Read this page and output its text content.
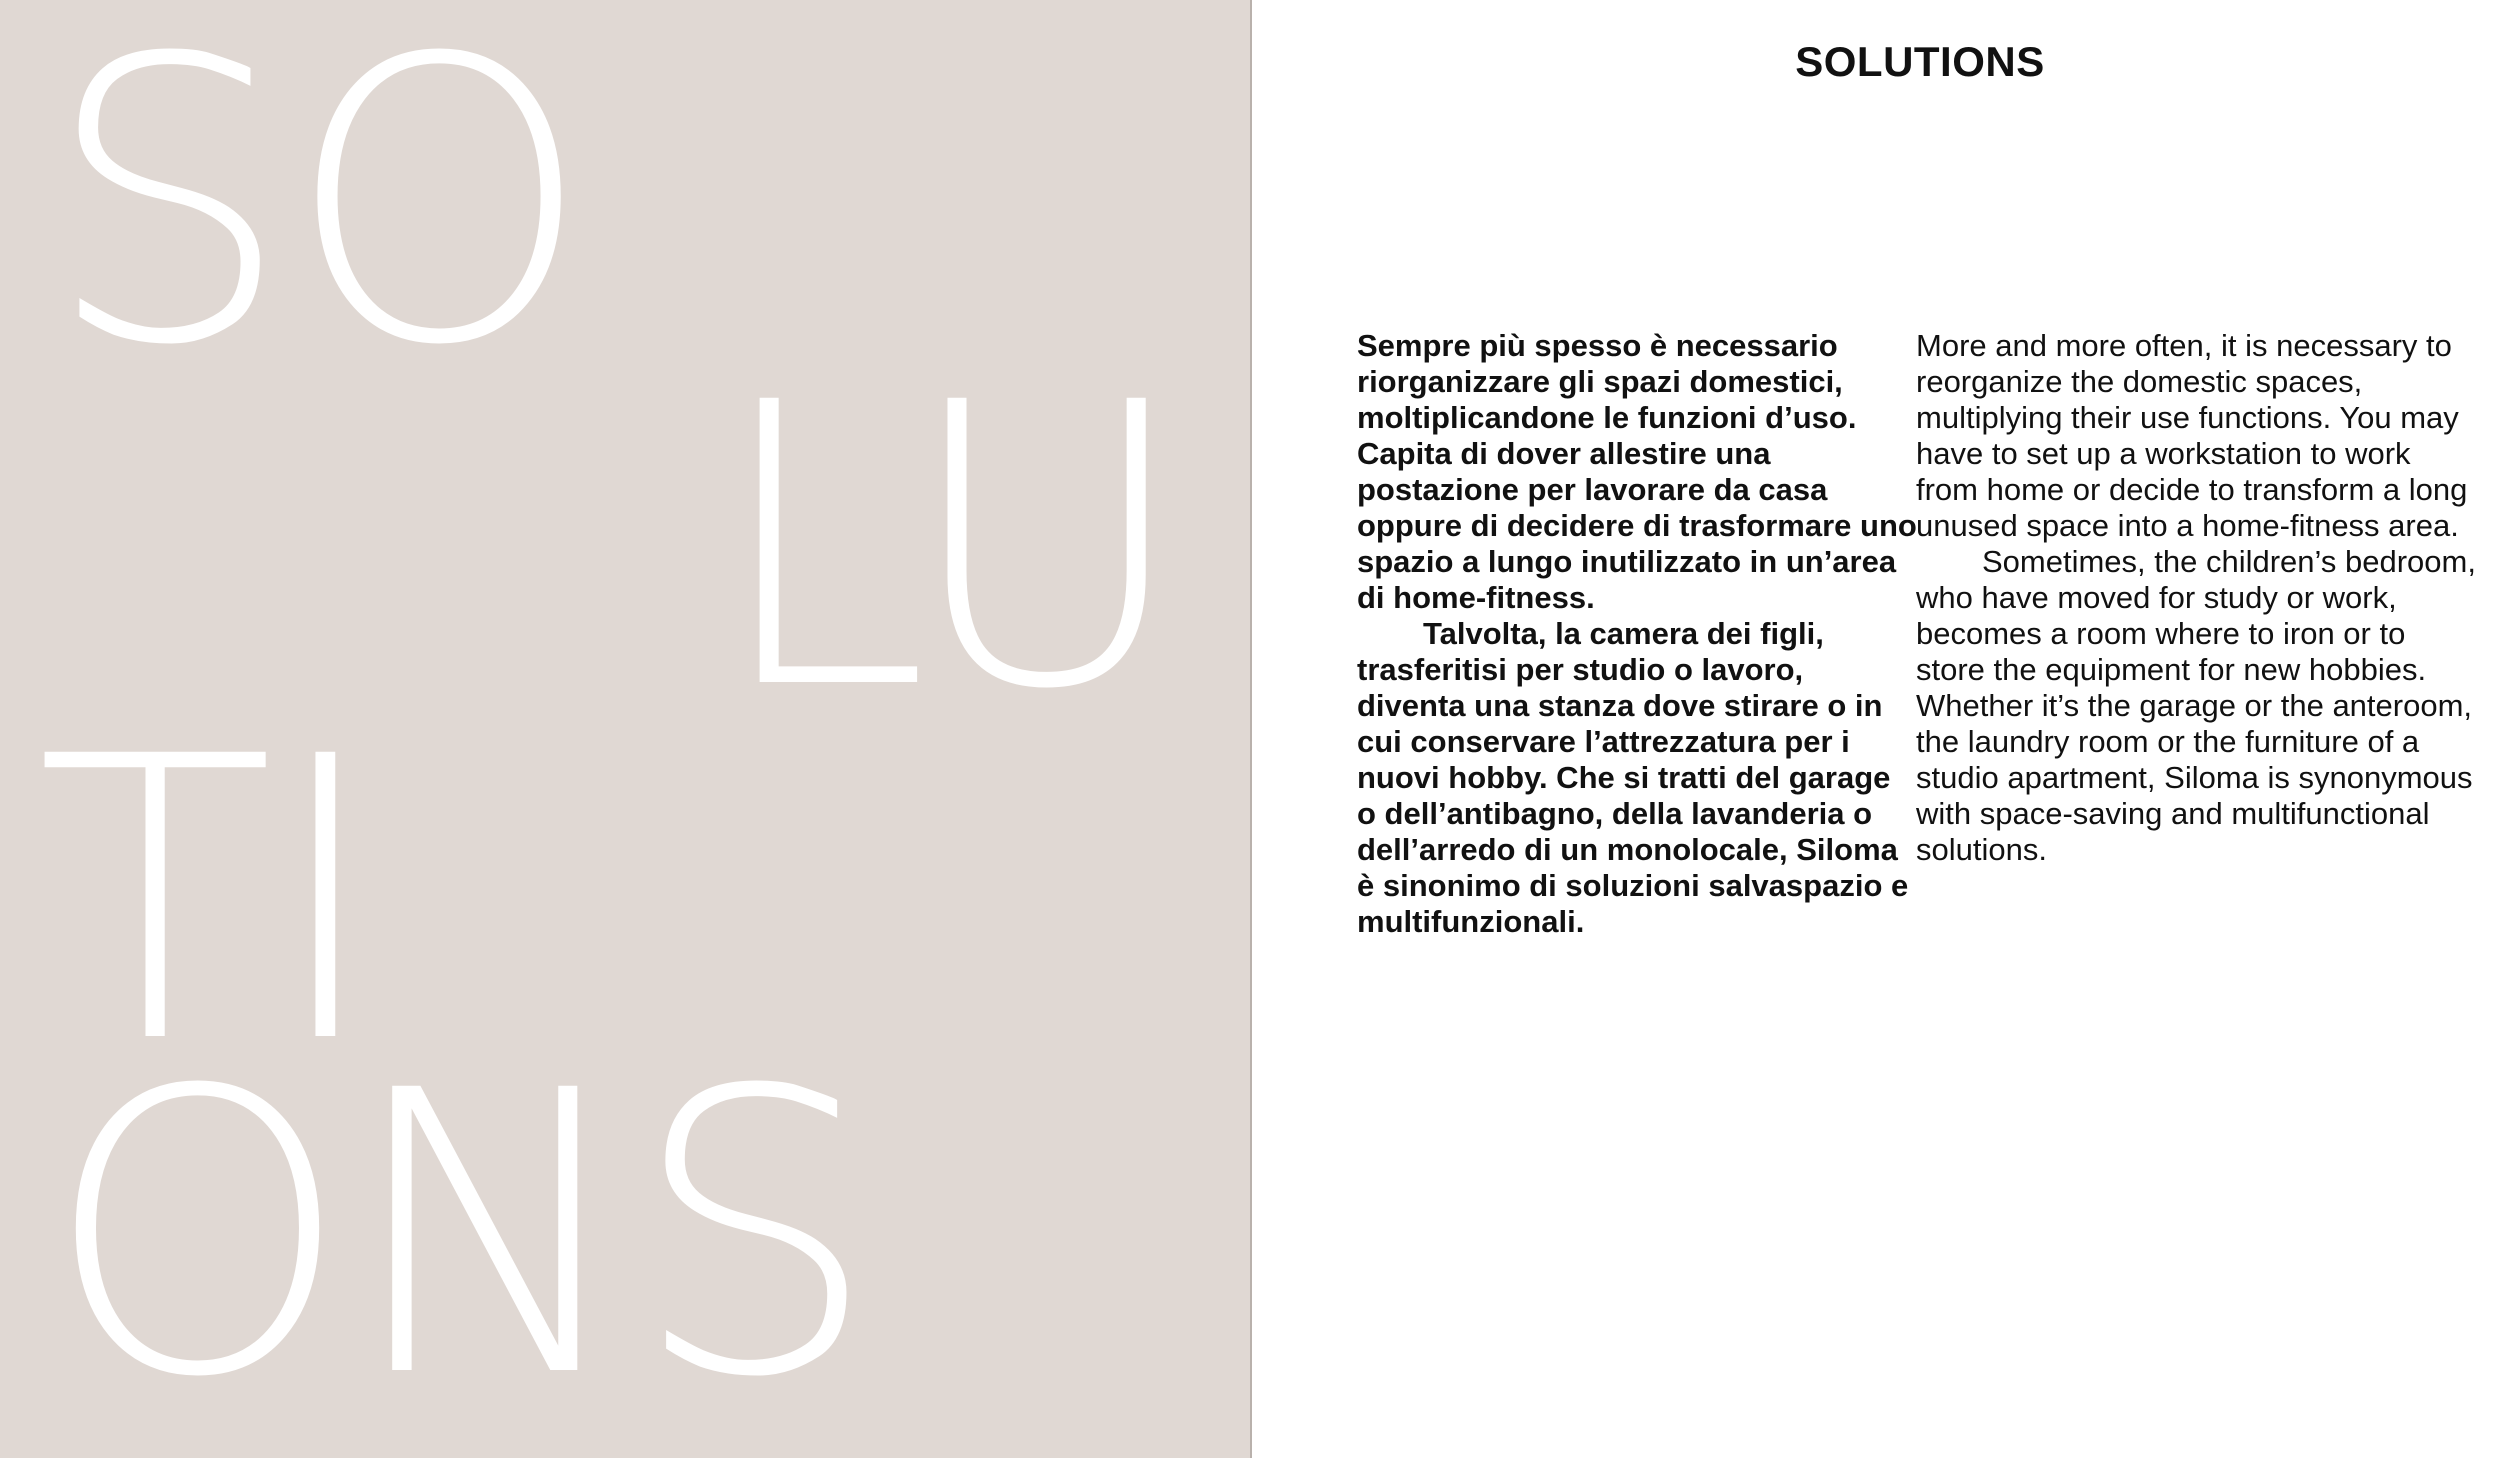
SO
LU
TI
ONS
SOLUTIONS

Sempre più spesso è necessario riorganizzare gli spazi domestici, moltiplicandone le funzioni d’uso. Capita di dover allestire una postazione per lavorare da casa oppure di decidere di trasformare uno spazio a lungo inutilizzato in un’area di home-fitness.

Talvolta, la camera dei figli, trasferitisi per studio o lavoro, diventa una stanza dove stirare o in cui conservare l’attrezzatura per i nuovi hobby. Che si tratti del garage o dell’antibagno, della lavanderia o dell’arredo di un monolocale, Siloma è sinonimo di soluzioni salvaspazio e multifunzionali.

More and more often, it is necessary to reorganize the domestic spaces, multiplying their use functions. You may have to set up a workstation to work from home or decide to transform a long unused space into a home-fitness area.

Sometimes, the children’s bedroom, who have moved for study or work, becomes a room where to iron or to store the equipment for new hobbies. Whether it’s the garage or the anteroom, the laundry room or the furniture of a studio apartment, Siloma is synonymous with space-saving and multifunctional solutions.
